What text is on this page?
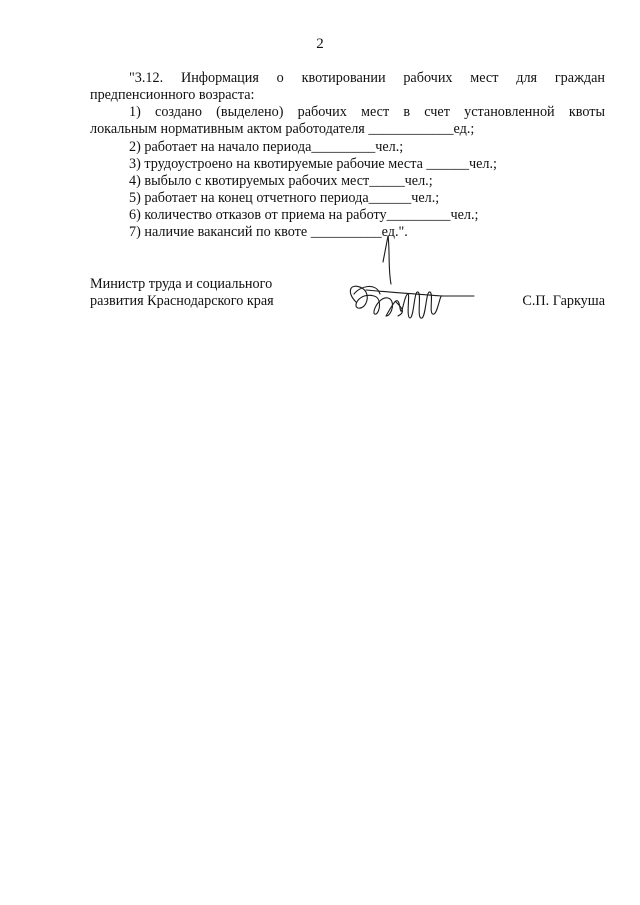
2
"3.12. Информация о квотировании рабочих мест для граждан
предпенсионного возраста:
1) создано (выделено) рабочих мест в счет установленной квоты
локальным нормативным актом работодателя ____________ед.;
2) работает на начало периода_________чел.;
3) трудоустроено на квотируемые рабочие места ______чел.;
4) выбыло с квотируемых рабочих мест_____чел.;
5) работает на конец отчетного периода______чел.;
6) количество отказов от приема на работу_________чел.;
7) наличие вакансий по квоте __________ед.".
Министр труда и социального
развития Краснодарского края	С.П. Гаркуша
